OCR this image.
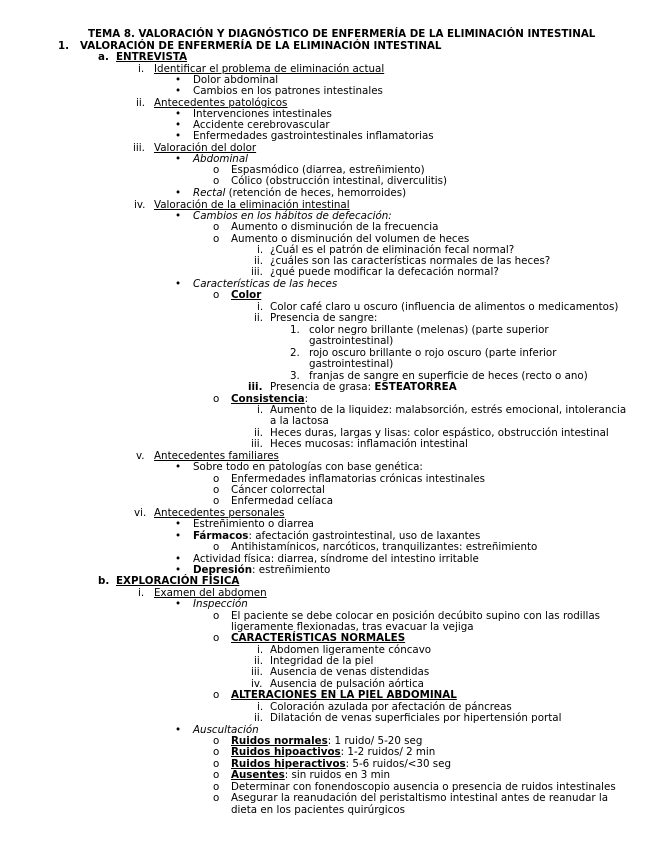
TEMA 8. VALORACIÓN Y DIAGNÓSTICO DE ENFERMERÍA DE LA ELIMINACIÓN INTESTINAL
1. VALORACIÓN DE ENFERMERÍA DE LA ELIMINACIÓN INTESTINAL
a. ENTREVISTA
i. Identificar el problema de eliminación actual
• Dolor abdominal
• Cambios en los patrones intestinales
ii. Antecedentes patológicos
• Intervenciones intestinales
• Accidente cerebrovascular
• Enfermedades gastrointestinales inflamatorias
iii. Valoración del dolor
• Abdominal
o Espasmódico (diarrea, estreñimiento)
o Cólico (obstrucción intestinal, diverculitis)
• Rectal (retención de heces, hemorroides)
iv. Valoración de la eliminación intestinal
• Cambios en los hábitos de defecación:
o Aumento o disminución de la frecuencia
o Aumento o disminución del volumen de heces
i. ¿Cuál es el patrón de eliminación fecal normal?
ii. ¿cuáles son las características normales de las heces?
iii. ¿qué puede modificar la defecación normal?
• Características de las heces
o Color
i. Color café claro u oscuro (influencia de alimentos o medicamentos)
ii. Presencia de sangre:
1. color negro brillante (melenas) (parte superior
gastrointestinal)
2. rojo oscuro brillante o rojo oscuro (parte inferior
gastrointestinal)
3. franjas de sangre en superficie de heces (recto o ano)
iii. Presencia de grasa: ESTEATORREA
o Consistencia:
i. Aumento de la liquidez: malabsorción, estrés emocional, intolerancia
a la lactosa
ii. Heces duras, largas y lisas: color espástico, obstrucción intestinal
iii. Heces mucosas: inflamación intestinal
v. Antecedentes familiares
• Sobre todo en patologías con base genética:
o Enfermedades inflamatorias crónicas intestinales
o Cáncer colorrectal
o Enfermedad celíaca
vi. Antecedentes personales
• Estreñimiento o diarrea
• Fármacos: afectación gastrointestinal, uso de laxantes
o Antihistamínicos, narcóticos, tranquilizantes: estreñimiento
• Actividad física: diarrea, síndrome del intestino irritable
• Depresión: estreñimiento
b. EXPLORACIÓN FÍSICA
i. Examen del abdomen
• Inspección
o El paciente se debe colocar en posición decúbito supino con las rodillas
ligeramente flexionadas, tras evacuar la vejiga
o CARACTERÍSTICAS NORMALES
i. Abdomen ligeramente cóncavo
ii. Integridad de la piel
iii. Ausencia de venas distendidas
iv. Ausencia de pulsación aórtica
o ALTERACIONES EN LA PIEL ABDOMINAL
i. Coloración azulada por afectación de páncreas
ii. Dilatación de venas superficiales por hipertensión portal
• Auscultación
o Ruidos normales: 1 ruido/ 5-20 seg
o Ruidos hipoactivos: 1-2 ruidos/ 2 min
o Ruidos hiperactivos: 5-6 ruidos/<30 seg
o Ausentes: sin ruidos en 3 min
o Determinar con fonendoscopio ausencia o presencia de ruidos intestinales
o Asegurar la reanudación del peristaltismo intestinal antes de reanudar la
dieta en los pacientes quirúrgicos
